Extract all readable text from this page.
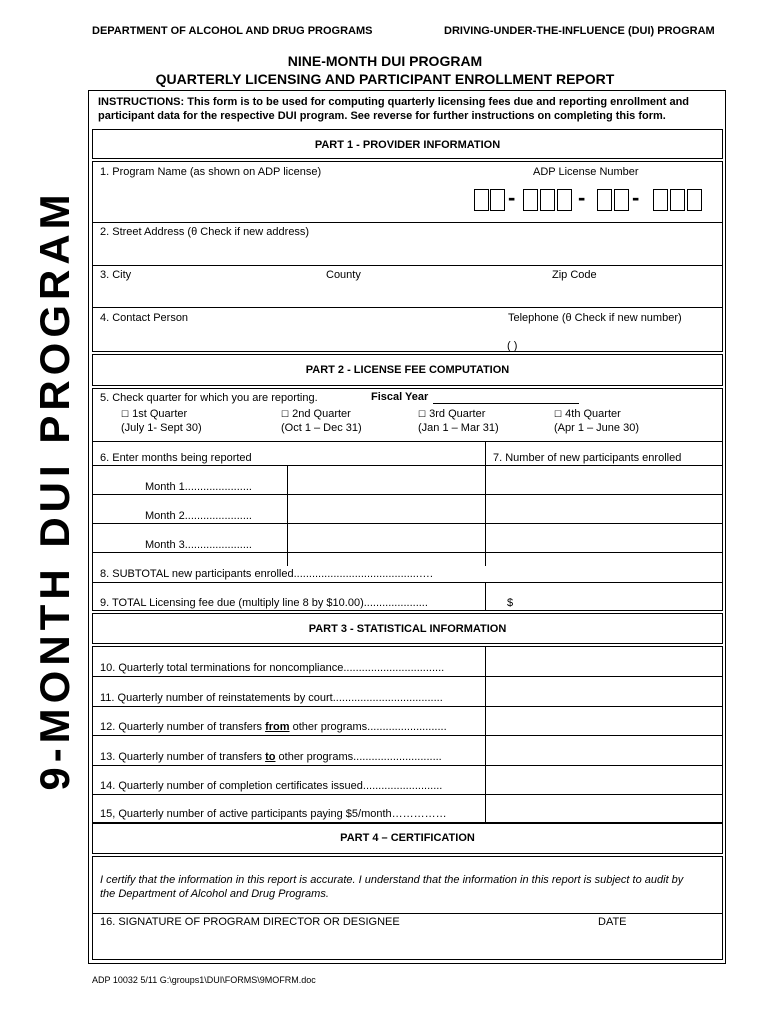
DEPARTMENT OF ALCOHOL AND DRUG PROGRAMS	DRIVING-UNDER-THE-INFLUENCE (DUI) PROGRAM
NINE-MONTH DUI PROGRAM
QUARTERLY LICENSING AND PARTICIPANT ENROLLMENT REPORT
9-MONTH DUI PROGRAM
INSTRUCTIONS: This form is to be used for computing quarterly licensing fees due and reporting enrollment and
participant data for the respective DUI program. See reverse for further instructions on completing this form.
PART 1 - PROVIDER INFORMATION
1. Program Name (as shown on ADP license)	ADP License Number
-	- -
2. Street Address (θ Check if new address)
3. City	County	Zip Code
4. Contact Person	Telephone (θ Check if new number)
( )
PART 2 - LICENSE FEE COMPUTATION
5. Check quarter for which you are reporting.	Fiscal Year
☐ 1st Quarter
(July 1- Sept 30)
☐ 2nd Quarter
(Oct 1 – Dec 31)
☐ 3rd Quarter
(Jan 1 – Mar 31)
☐ 4th Quarter
(Apr 1 – June 30)
6. Enter months being reported	7. Number of new participants enrolled
Month 1......................
Month 2......................
Month 3......................
8. SUBTOTAL new participants enrolled.........................................….
9. TOTAL Licensing fee due (multiply line 8 by $10.00).....................	$
PART 3 - STATISTICAL INFORMATION
10. Quarterly total terminations for noncompliance.................................
11. Quarterly number of reinstatements by court....................................
12. Quarterly number of transfers from other programs..........................
13. Quarterly number of transfers to other programs.............................
14. Quarterly number of completion certificates issued..........................
15, Quarterly number of active participants paying $5/month……………
PART 4 – CERTIFICATION
I certify that the information in this report is accurate. I understand that the information in this report is subject to audit by
the Department of Alcohol and Drug Programs.
16. SIGNATURE OF PROGRAM DIRECTOR OR DESIGNEE	DATE
ADP 10032 5/11 G:\groups1\DUI\FORMS\9MOFRM.doc
